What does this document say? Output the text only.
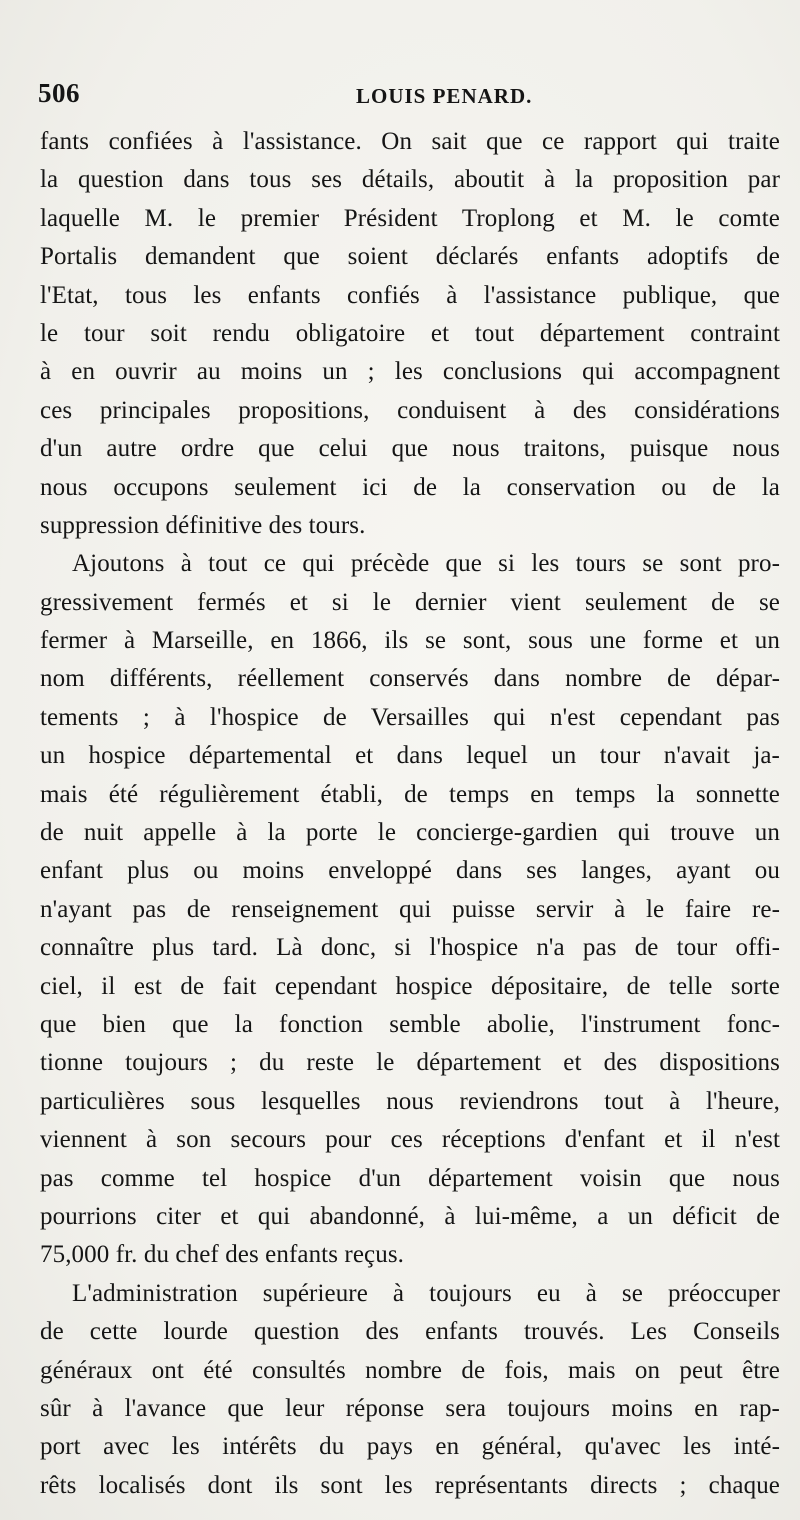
506	LOUIS PENARD.
fants confiées à l'assistance. On sait que ce rapport qui traite
la question dans tous ses détails, aboutit à la proposition par
laquelle M. le premier Président Troplong et M. le comte
Portalis demandent que soient déclarés enfants adoptifs de
l'Etat, tous les enfants confiés à l'assistance publique, que
le tour soit rendu obligatoire et tout département contraint
à en ouvrir au moins un ; les conclusions qui accompagnent
ces principales propositions, conduisent à des considérations
d'un autre ordre que celui que nous traitons, puisque nous
nous occupons seulement ici de la conservation ou de la
suppression définitive des tours.
Ajoutons à tout ce qui précède que si les tours se sont pro-
gressivement fermés et si le dernier vient seulement de se
fermer à Marseille, en 1866, ils se sont, sous une forme et un
nom différents, réellement conservés dans nombre de dépar-
tements ; à l'hospice de Versailles qui n'est cependant pas
un hospice départemental et dans lequel un tour n'avait ja-
mais été régulièrement établi, de temps en temps la sonnette
de nuit appelle à la porte le concierge-gardien qui trouve un
enfant plus ou moins enveloppé dans ses langes, ayant ou
n'ayant pas de renseignement qui puisse servir à le faire re-
connaître plus tard. Là donc, si l'hospice n'a pas de tour offi-
ciel, il est de fait cependant hospice dépositaire, de telle sorte
que bien que la fonction semble abolie, l'instrument fonc-
tionne toujours ; du reste le département et des dispositions
particulières sous lesquelles nous reviendrons tout à l'heure,
viennent à son secours pour ces réceptions d'enfant et il n'est
pas comme tel hospice d'un département voisin que nous
pourrions citer et qui abandonné, à lui-même, a un déficit de
75,000 fr. du chef des enfants reçus.
L'administration supérieure à toujours eu à se préoccuper
de cette lourde question des enfants trouvés. Les Conseils
généraux ont été consultés nombre de fois, mais on peut être
sûr à l'avance que leur réponse sera toujours moins en rap-
port avec les intérêts du pays en général, qu'avec les inté-
rêts localisés dont ils sont les représentants directs ; chaque
